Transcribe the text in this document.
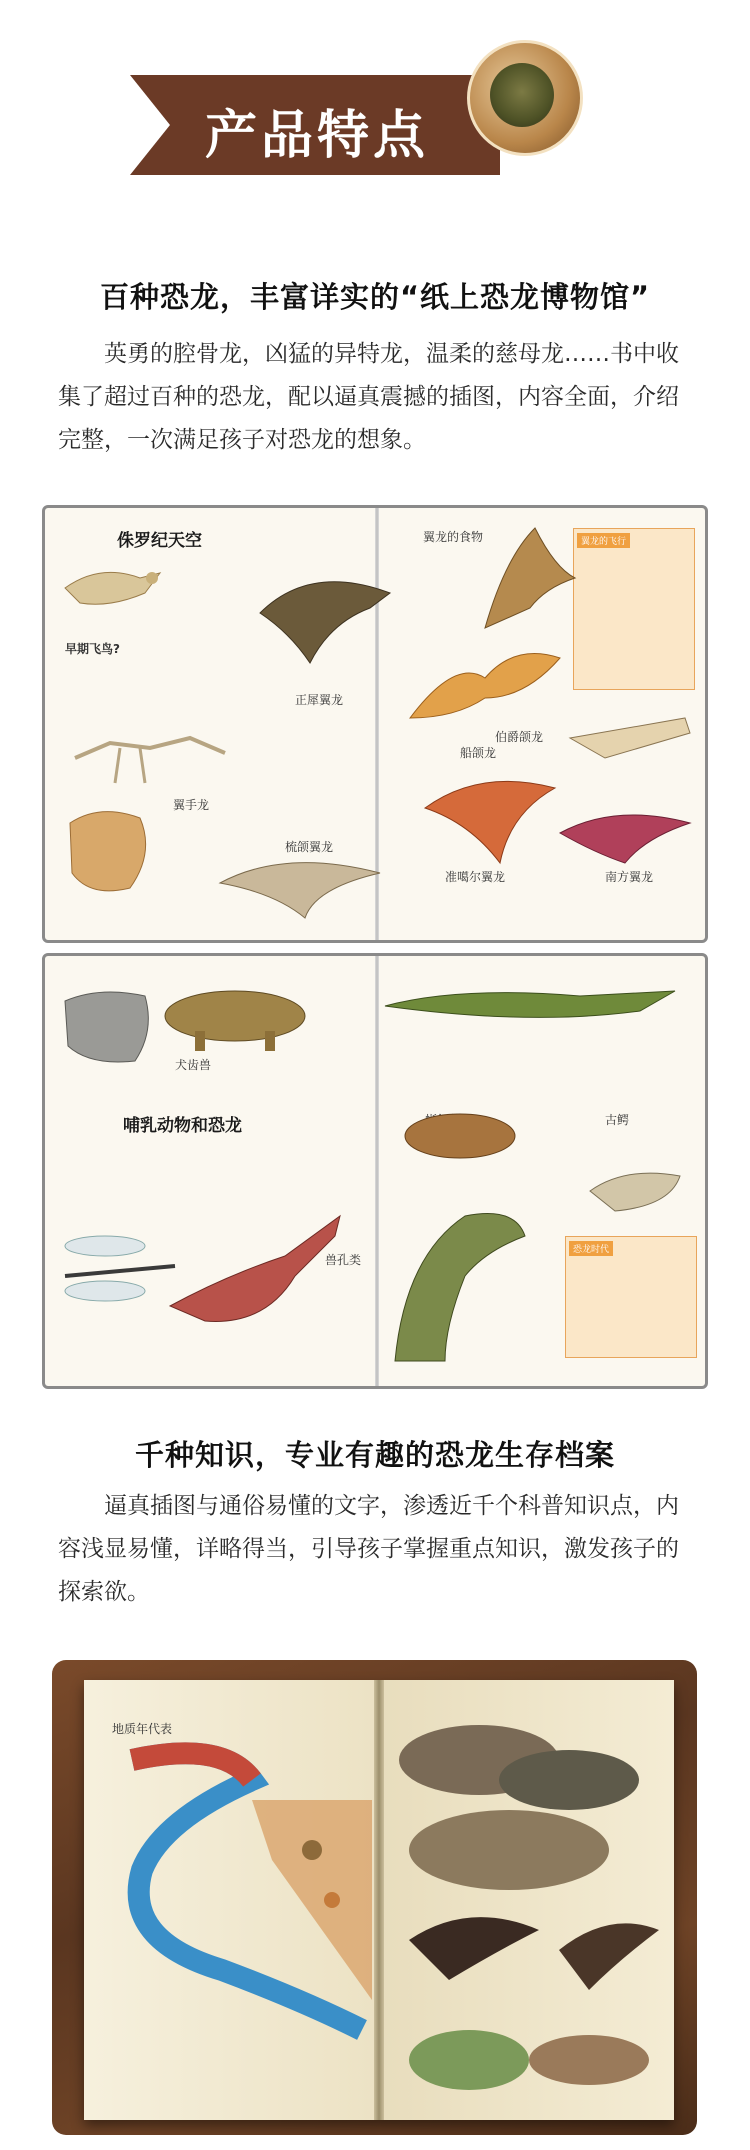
产品特点
百种恐龙，丰富详实的“纸上恐龙博物馆”
英勇的腔骨龙，凶猛的异特龙，温柔的慈母龙……书中收集了超过百种的恐龙，配以逼真震撼的插图，内容全面，介绍完整，一次满足孩子对恐龙的想象。
侏罗纪天空
早期飞鸟?
正犀翼龙
翼手龙
梳颌翼龙
船颌龙
翼龙的食物
伯爵颌龙
准噶尔翼龙	南方翼龙
翼龙的飞行
哺乳动物和恐龙
犬齿兽
兽孔类
古鳄
恐龙时代
千种知识，专业有趣的恐龙生存档案
逼真插图与通俗易懂的文字，渗透近千个科普知识点，内容浅显易懂，详略得当，引导孩子掌握重点知识，激发孩子的探索欲。
地质年代表
